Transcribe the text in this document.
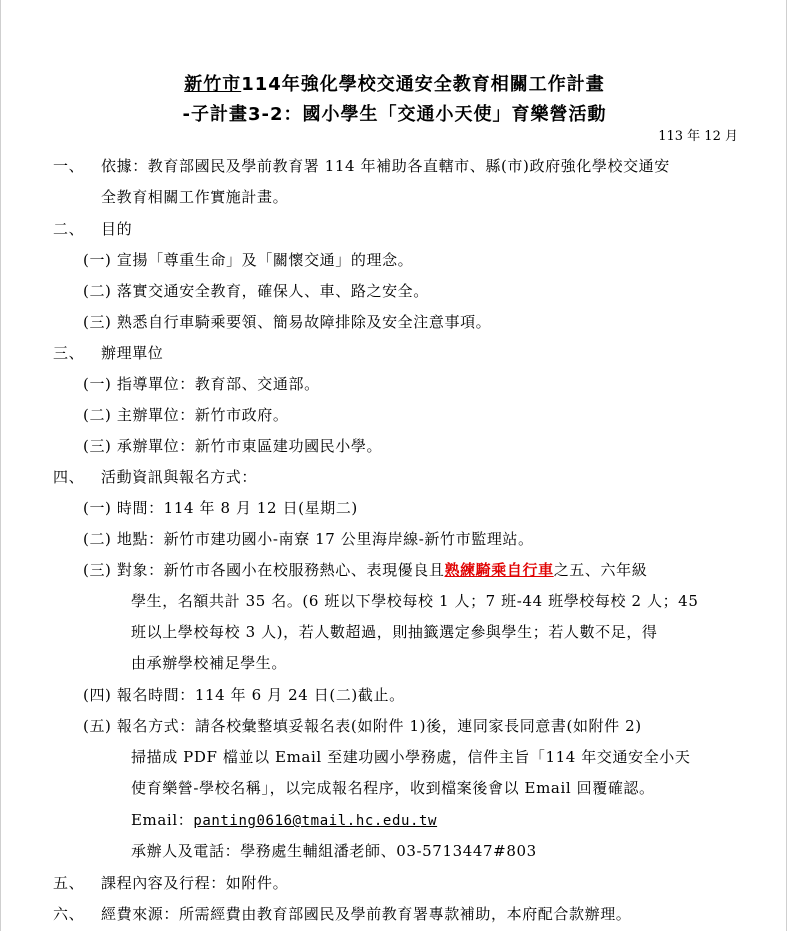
新竹市114年強化學校交通安全教育相關工作計畫
-子計畫3-2：國小學生「交通小天使」育樂營活動
113 年 12 月
一、 依據：教育部國民及學前教育署 114 年補助各直轄市、縣(市)政府強化學校交通安
全教育相關工作實施計畫。
二、 目的
(一) 宣揚「尊重生命」及「關懷交通」的理念。
(二) 落實交通安全教育，確保人、車、路之安全。
(三) 熟悉自行車騎乘要領、簡易故障排除及安全注意事項。
三、 辦理單位
(一) 指導單位：教育部、交通部。
(二) 主辦單位：新竹市政府。
(三) 承辦單位：新竹市東區建功國民小學。
四、 活動資訊與報名方式：
(一) 時間：114 年 8 月 12 日(星期二)
(二) 地點：新竹市建功國小-南寮 17 公里海岸線-新竹市監理站。
(三) 對象：新竹市各國小在校服務熱心、表現優良且熟練騎乘自行車之五、六年級
學生，名額共計 35 名。(6 班以下學校每校 1 人；7 班-44 班學校每校 2 人；45
班以上學校每校 3 人)，若人數超過，則抽籤選定參與學生；若人數不足，得
由承辦學校補足學生。
(四) 報名時間：114 年 6 月 24 日(二)截止。
(五) 報名方式：請各校彙整填妥報名表(如附件 1)後，連同家長同意書(如附件 2)
掃描成 PDF 檔並以 Email 至建功國小學務處，信件主旨「114 年交通安全小天
使育樂營-學校名稱」，以完成報名程序，收到檔案後會以 Email 回覆確認。
Email：panting0616@tmail.hc.edu.tw
承辦人及電話：學務處生輔組潘老師、03-5713447#803
五、 課程內容及行程：如附件。
六、 經費來源：所需經費由教育部國民及學前教育署專款補助，本府配合款辦理。
